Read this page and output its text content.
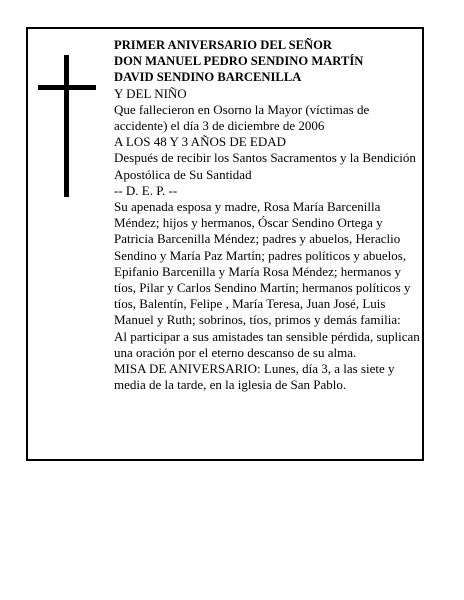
PRIMER ANIVERSARIO DEL SEÑOR
DON MANUEL PEDRO SENDINO MARTÍN
DAVID SENDINO BARCENILLA
Y DEL NIÑO
Que fallecieron en Osorno la Mayor (víctimas de accidente) el día 3 de diciembre de 2006
A LOS 48 Y 3 AÑOS DE EDAD
Después de recibir los Santos Sacramentos y la Bendición Apostólica de Su Santidad
-- D. E. P. --
Su apenada esposa y madre, Rosa María Barcenilla Méndez; hijos y hermanos, Óscar Sendino Ortega y Patricia Barcenilla Méndez; padres y abuelos, Heraclio Sendino y María Paz Martín; padres políticos y abuelos, Epifanio Barcenilla y María Rosa Méndez; hermanos y tíos, Pilar y Carlos Sendino Martín; hermanos políticos y tíos, Balentín, Felipe , María Teresa, Juan José, Luis Manuel y Ruth; sobrinos, tíos, primos y demás familia:
Al participar a sus amistades tan sensible pérdida, suplican una oración por el eterno descanso de su alma.
MISA DE ANIVERSARIO: Lunes, día 3, a las siete y media de la tarde, en la iglesia de San Pablo.
